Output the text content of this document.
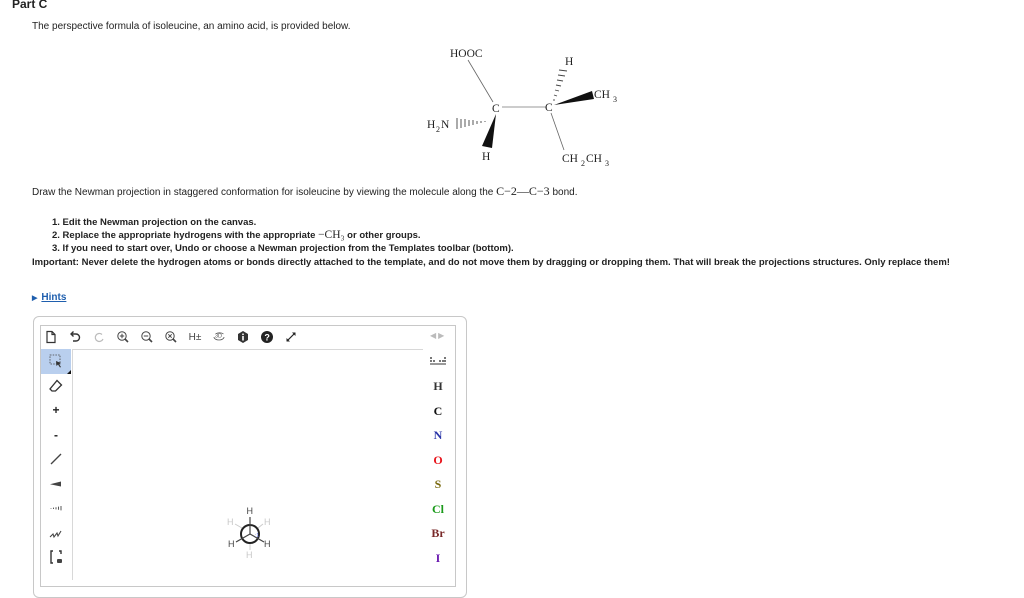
Part C
The perspective formula of isoleucine, an amino acid, is provided below.
HOOC
C
H 2 N
H
C
H
CH 3
CH 2 CH 3
Draw the Newman projection in staggered conformation for isoleucine by viewing the molecule along the C−2—C−3 bond.
1. Edit the Newman projection on the canvas.
2. Replace the appropriate hydrogens with the appropriate −CH₃ or other groups.
3. If you need to start over, Undo or choose a Newman projection from the Templates toolbar (bottom).
Important: Never delete the hydrogen atoms or bonds directly attached to the template, and do not move them by dragging or dropping them. That will break the projections structures. Only replace them!
▶ Hints
H± 3D	?	◀▶
+
-
H
C
N
O
S
Cl
Br
I
H	H
H
H
H	H
:1
